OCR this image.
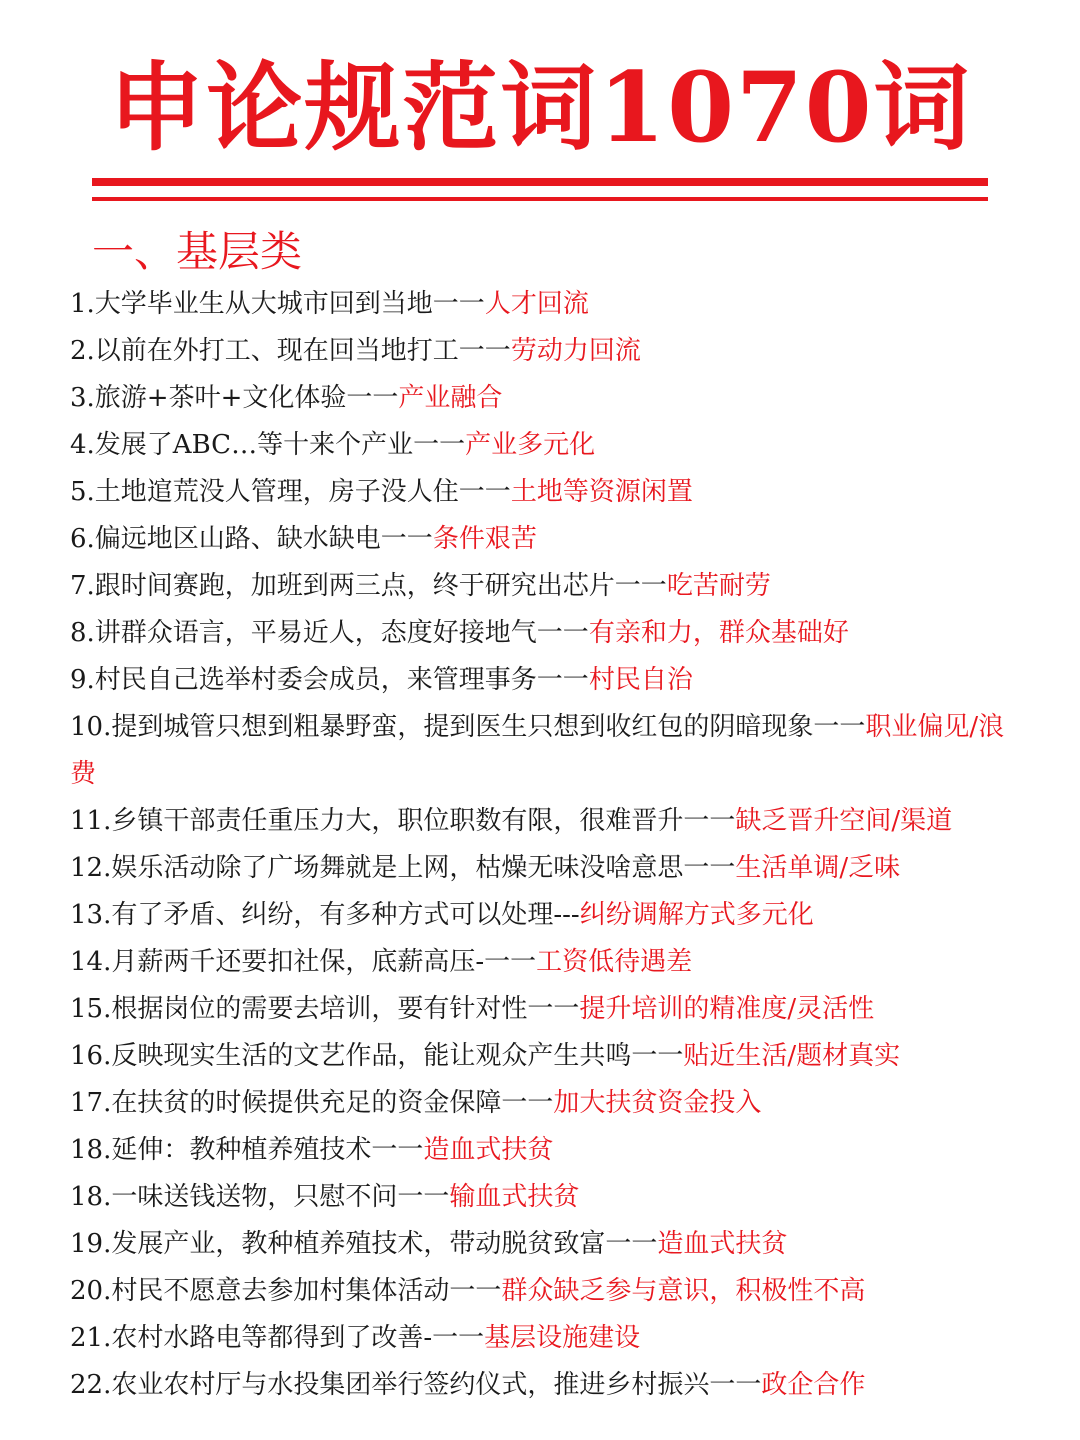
申论规范词1070词
一、基层类
1.大学毕业生从大城市回到当地一一人才回流
2.以前在外打工、现在回当地打工一一劳动力回流
3.旅游+茶叶+文化体验一一产业融合
4.发展了ABC…等十来个产业一一产业多元化
5.土地逭荒没人管理，房子没人住一一土地等资源闲置
6.偏远地区山路、缺水缺电一一条件艰苦
7.跟时间赛跑，加班到两三点，终于研究出芯片一一吃苦耐劳
8.讲群众语言，平易近人，态度好接地气一一有亲和力，群众基础好
9.村民自己选举村委会成员，来管理事务一一村民自治
10.提到城管只想到粗暴野蛮，提到医生只想到收红包的阴暗现象一一职业偏见/浪费
11.乡镇干部责任重压力大，职位职数有限，很难晋升一一缺乏晋升空间/渠道
12.娱乐活动除了广场舞就是上网，枯燥无味没啥意思一一生活单调/乏味
13.有了矛盾、纠纷，有多种方式可以处理---纠纷调解方式多元化
14.月薪两千还要扣社保，底薪高压-一一工资低待遇差
15.根据岗位的需要去培训，要有针对性一一提升培训的精准度/灵活性
16.反映现实生活的文艺作品，能让观众产生共鸣一一贴近生活/题材真实
17.在扶贫的时候提供充足的资金保障一一加大扶贫资金投入
18.延伸：教种植养殖技术一一造血式扶贫
18.一味送钱送物，只慰不问一一输血式扶贫
19.发展产业，教种植养殖技术，带动脱贫致富一一造血式扶贫
20.村民不愿意去参加村集体活动一一群众缺乏参与意识，积极性不高
21.农村水路电等都得到了改善-一一基层设施建设
22.农业农村厅与水投集团举行签约仪式，推进乡村振兴一一政企合作
